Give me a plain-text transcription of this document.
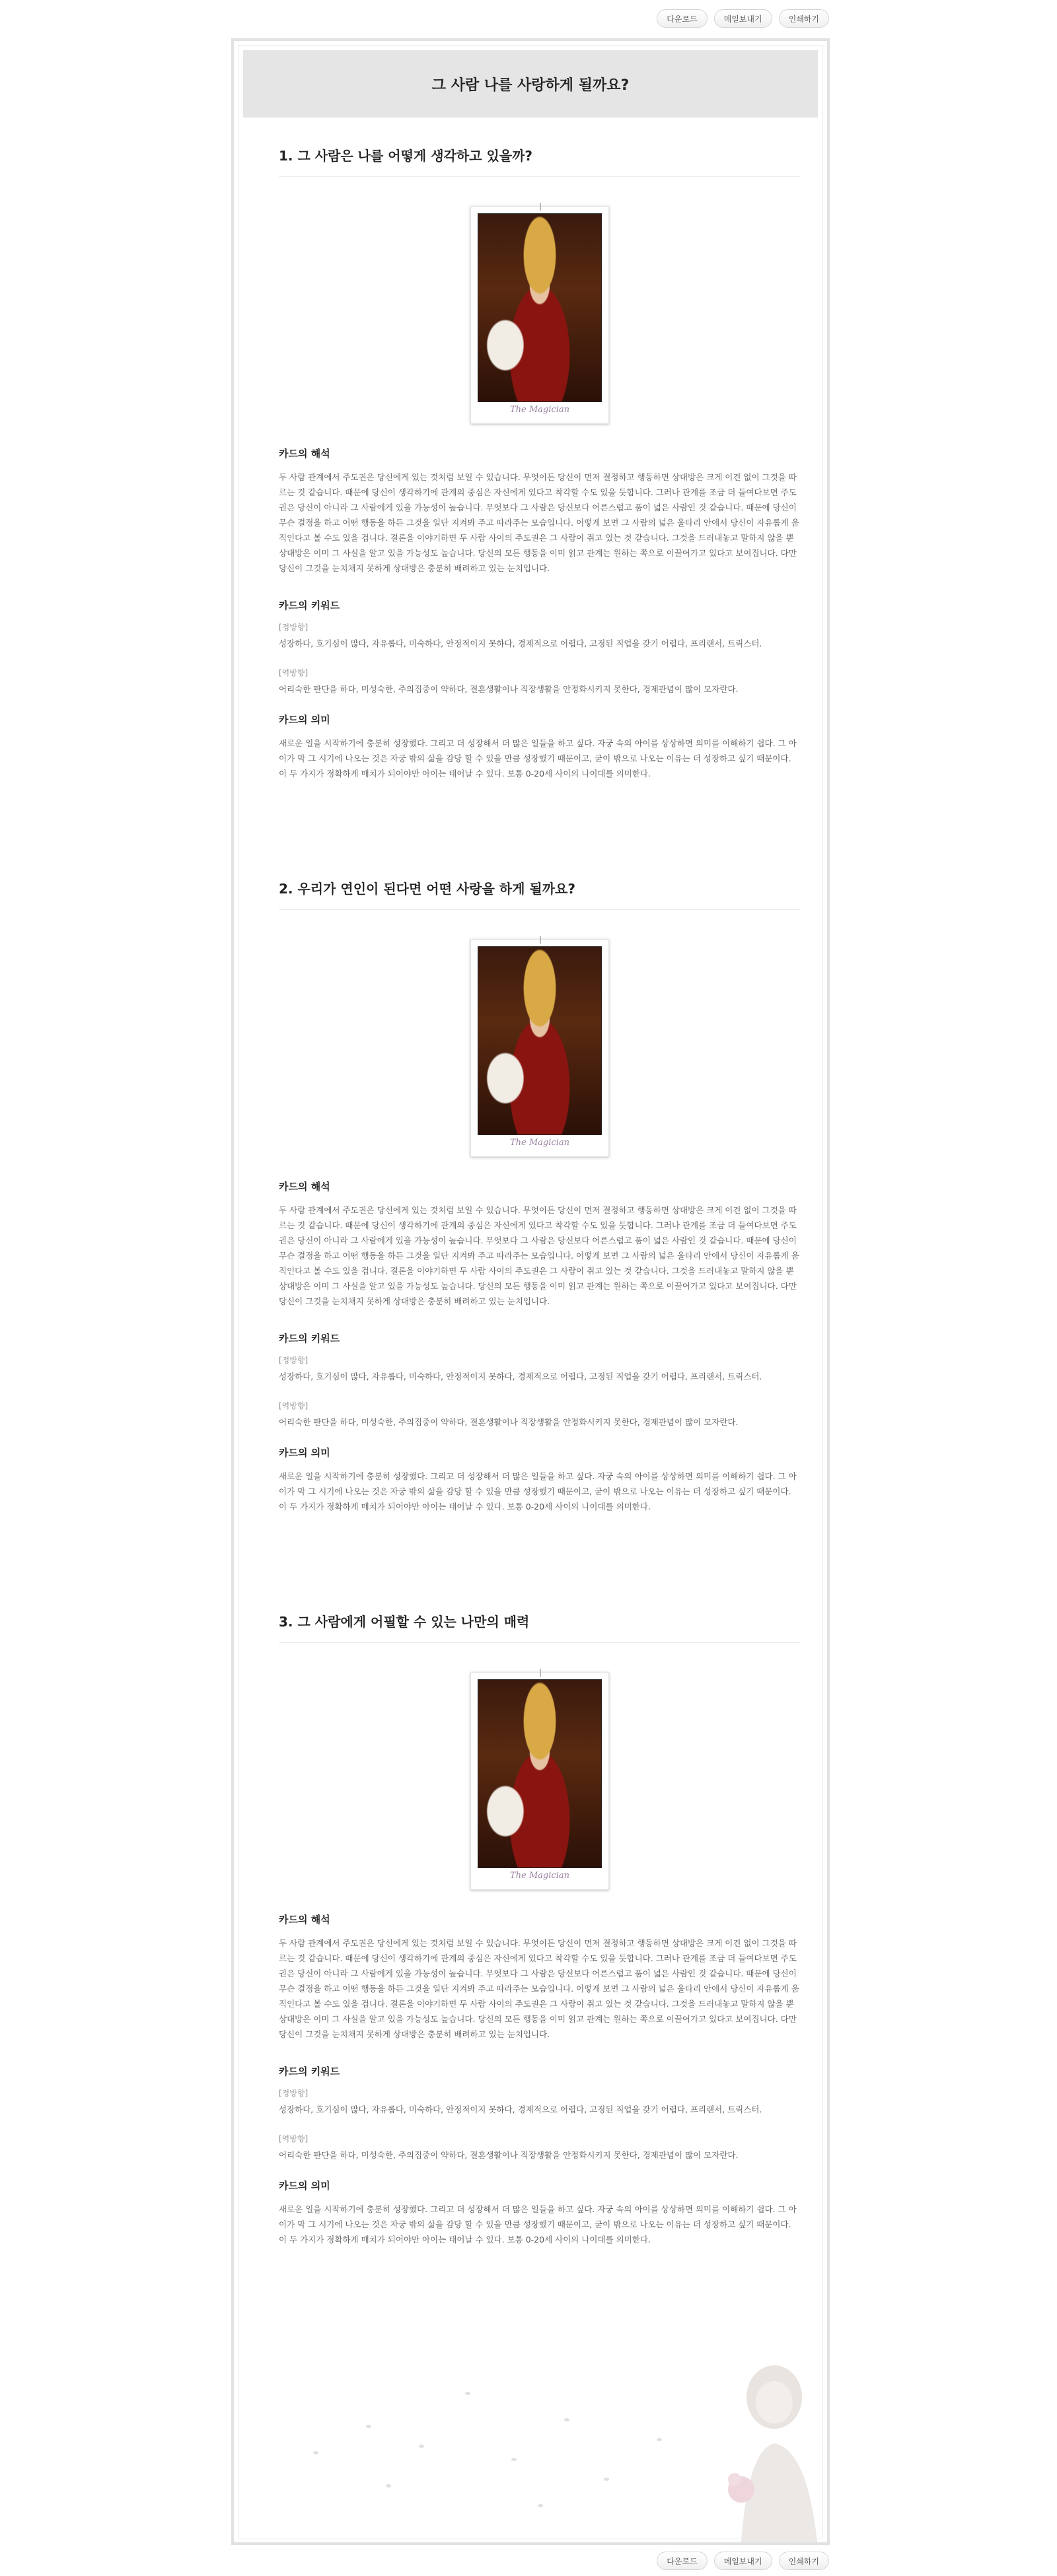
다운로드	메일보내기	인쇄하기
그 사람 나를 사랑하게 될까요?
1. 그 사람은 나를 어떻게 생각하고 있을까?
The Magician
카드의 해석
두 사람 관계에서 주도권은 당신에게 있는 것처럼 보일 수 있습니다. 무엇이든 당신이 먼저 결정하고 행동하면 상대방은 크게 이견 없이 그것을 따르는 것 같습니다. 때문에 당신이 생각하기에 관계의 중심은 자신에게 있다고 착각할 수도 있을 듯합니다. 그러나 관계를 조금 더 들여다보면 주도권은 당신이 아니라 그 사람에게 있을 가능성이 높습니다. 무엇보다 그 사람은 당신보다 어른스럽고 품이 넓은 사람인 것 같습니다. 때문에 당신이 무슨 결정을 하고 어떤 행동을 하든 그것을 일단 지켜봐 주고 따라주는 모습입니다. 어떻게 보면 그 사람의 넓은 울타리 안에서 당신이 자유롭게 움직인다고 볼 수도 있을 겁니다. 결론을 이야기하면 두 사람 사이의 주도권은 그 사람이 쥐고 있는 것 같습니다. 그것을 드러내놓고 말하지 않을 뿐 상대방은 이미 그 사실을 알고 있을 가능성도 높습니다. 당신의 모든 행동을 이미 읽고 관계는 원하는 쪽으로 이끌어가고 있다고 보여집니다. 다만 당신이 그것을 눈치채지 못하게 상대방은 충분히 배려하고 있는 눈치입니다.
카드의 키워드
[정방향]
성장하다, 호기심이 많다, 자유롭다, 미숙하다, 안정적이지 못하다, 경제적으로 어렵다, 고정된 직업을 갖기 어렵다, 프리랜서, 트릭스터.
[역방향]
어리숙한 판단을 하다, 미성숙한, 주의집중이 약하다, 결혼생활이나 직장생활을 안정화시키지 못한다, 경제관념이 많이 모자란다.
카드의 의미
새로운 일을 시작하기에 충분히 성장했다. 그리고 더 성장해서 더 많은 일들을 하고 싶다. 자궁 속의 아이를 상상하면 의미를 이해하기 쉽다. 그 아이가 막 그 시기에 나오는 것은 자궁 밖의 삶을 감당 할 수 있을 만큼 성장했기 때문이고, 굳이 밖으로 나오는 이유는 더 성장하고 싶기 때문이다. 이 두 가지가 정확하게 매치가 되어야만 아이는 태어날 수 있다. 보통 0-20세 사이의 나이대를 의미한다.
2. 우리가 연인이 된다면 어떤 사랑을 하게 될까요?
The Magician
카드의 해석
두 사람 관계에서 주도권은 당신에게 있는 것처럼 보일 수 있습니다. 무엇이든 당신이 먼저 결정하고 행동하면 상대방은 크게 이견 없이 그것을 따르는 것 같습니다. 때문에 당신이 생각하기에 관계의 중심은 자신에게 있다고 착각할 수도 있을 듯합니다. 그러나 관계를 조금 더 들여다보면 주도권은 당신이 아니라 그 사람에게 있을 가능성이 높습니다. 무엇보다 그 사람은 당신보다 어른스럽고 품이 넓은 사람인 것 같습니다. 때문에 당신이 무슨 결정을 하고 어떤 행동을 하든 그것을 일단 지켜봐 주고 따라주는 모습입니다. 어떻게 보면 그 사람의 넓은 울타리 안에서 당신이 자유롭게 움직인다고 볼 수도 있을 겁니다. 결론을 이야기하면 두 사람 사이의 주도권은 그 사람이 쥐고 있는 것 같습니다. 그것을 드러내놓고 말하지 않을 뿐 상대방은 이미 그 사실을 알고 있을 가능성도 높습니다. 당신의 모든 행동을 이미 읽고 관계는 원하는 쪽으로 이끌어가고 있다고 보여집니다. 다만 당신이 그것을 눈치채지 못하게 상대방은 충분히 배려하고 있는 눈치입니다.
카드의 키워드
[정방향]
성장하다, 호기심이 많다, 자유롭다, 미숙하다, 안정적이지 못하다, 경제적으로 어렵다, 고정된 직업을 갖기 어렵다, 프리랜서, 트릭스터.
[역방향]
어리숙한 판단을 하다, 미성숙한, 주의집중이 약하다, 결혼생활이나 직장생활을 안정화시키지 못한다, 경제관념이 많이 모자란다.
카드의 의미
새로운 일을 시작하기에 충분히 성장했다. 그리고 더 성장해서 더 많은 일들을 하고 싶다. 자궁 속의 아이를 상상하면 의미를 이해하기 쉽다. 그 아이가 막 그 시기에 나오는 것은 자궁 밖의 삶을 감당 할 수 있을 만큼 성장했기 때문이고, 굳이 밖으로 나오는 이유는 더 성장하고 싶기 때문이다. 이 두 가지가 정확하게 매치가 되어야만 아이는 태어날 수 있다. 보통 0-20세 사이의 나이대를 의미한다.
3. 그 사람에게 어필할 수 있는 나만의 매력
The Magician
카드의 해석
두 사람 관계에서 주도권은 당신에게 있는 것처럼 보일 수 있습니다. 무엇이든 당신이 먼저 결정하고 행동하면 상대방은 크게 이견 없이 그것을 따르는 것 같습니다. 때문에 당신이 생각하기에 관계의 중심은 자신에게 있다고 착각할 수도 있을 듯합니다. 그러나 관계를 조금 더 들여다보면 주도권은 당신이 아니라 그 사람에게 있을 가능성이 높습니다. 무엇보다 그 사람은 당신보다 어른스럽고 품이 넓은 사람인 것 같습니다. 때문에 당신이 무슨 결정을 하고 어떤 행동을 하든 그것을 일단 지켜봐 주고 따라주는 모습입니다. 어떻게 보면 그 사람의 넓은 울타리 안에서 당신이 자유롭게 움직인다고 볼 수도 있을 겁니다. 결론을 이야기하면 두 사람 사이의 주도권은 그 사람이 쥐고 있는 것 같습니다. 그것을 드러내놓고 말하지 않을 뿐 상대방은 이미 그 사실을 알고 있을 가능성도 높습니다. 당신의 모든 행동을 이미 읽고 관계는 원하는 쪽으로 이끌어가고 있다고 보여집니다. 다만 당신이 그것을 눈치채지 못하게 상대방은 충분히 배려하고 있는 눈치입니다.
카드의 키워드
[정방향]
성장하다, 호기심이 많다, 자유롭다, 미숙하다, 안정적이지 못하다, 경제적으로 어렵다, 고정된 직업을 갖기 어렵다, 프리랜서, 트릭스터.
[역방향]
어리숙한 판단을 하다, 미성숙한, 주의집중이 약하다, 결혼생활이나 직장생활을 안정화시키지 못한다, 경제관념이 많이 모자란다.
카드의 의미
새로운 일을 시작하기에 충분히 성장했다. 그리고 더 성장해서 더 많은 일들을 하고 싶다. 자궁 속의 아이를 상상하면 의미를 이해하기 쉽다. 그 아이가 막 그 시기에 나오는 것은 자궁 밖의 삶을 감당 할 수 있을 만큼 성장했기 때문이고, 굳이 밖으로 나오는 이유는 더 성장하고 싶기 때문이다. 이 두 가지가 정확하게 매치가 되어야만 아이는 태어날 수 있다. 보통 0-20세 사이의 나이대를 의미한다.
다운로드	메일보내기	인쇄하기
